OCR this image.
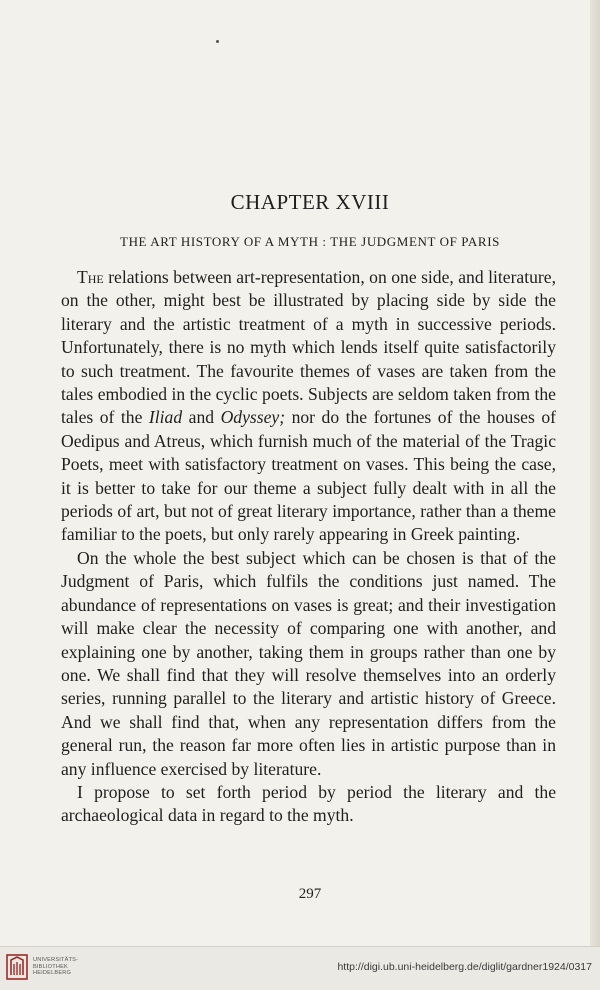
CHAPTER XVIII
THE ART HISTORY OF A MYTH : THE JUDGMENT OF PARIS

The relations between art-representation, on one side, and literature, on the other, might best be illustrated by placing side by side the literary and the artistic treatment of a myth in successive periods. Unfortunately, there is no myth which lends itself quite satisfactorily to such treatment. The favourite themes of vases are taken from the tales embodied in the cyclic poets. Subjects are seldom taken from the tales of the Iliad and Odyssey; nor do the fortunes of the houses of Oedipus and Atreus, which furnish much of the material of the Tragic Poets, meet with satisfactory treatment on vases. This being the case, it is better to take for our theme a subject fully dealt with in all the periods of art, but not of great literary importance, rather than a theme familiar to the poets, but only rarely appearing in Greek painting.

On the whole the best subject which can be chosen is that of the Judgment of Paris, which fulfils the conditions just named. The abundance of representations on vases is great; and their investigation will make clear the necessity of comparing one with another, and explaining one by another, taking them in groups rather than one by one. We shall find that they will resolve themselves into an orderly series, running parallel to the literary and artistic history of Greece. And we shall find that, when any representation differs from the general run, the reason far more often lies in artistic purpose than in any influence exercised by literature.

I propose to set forth period by period the literary and the archaeological data in regard to the myth.

297
UNIVERSITÄTS-
BIBLIOTHEK
HEIDELBERG	http://digi.ub.uni-heidelberg.de/diglit/gardner1924/0317
